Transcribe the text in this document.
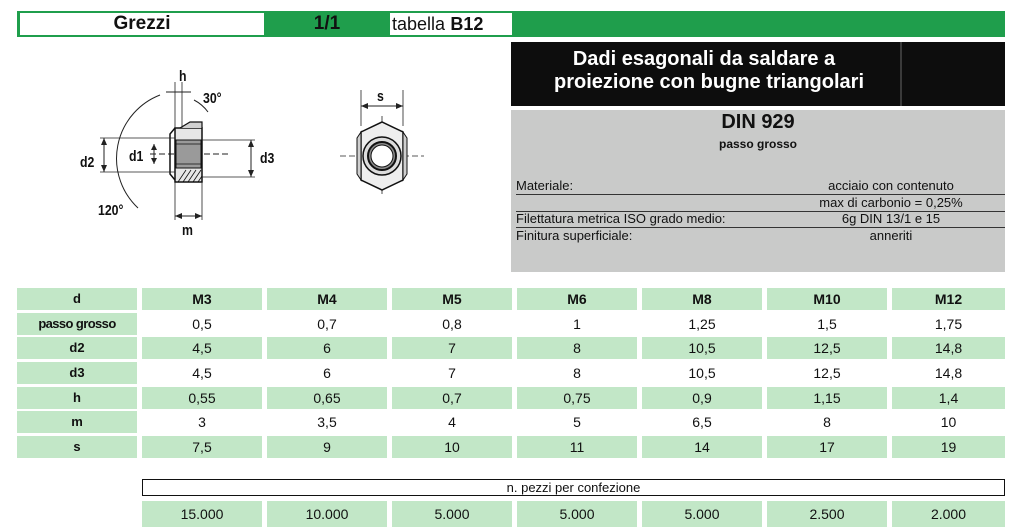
Grezzi	1/1	tabella B12
Dadi esagonali da saldare a
proiezione con bugne triangolari
DIN 929
passo grosso
Materiale:	acciaio con contenuto
max di carbonio = 0,25%
Filettatura metrica ISO grado medio:	6g DIN 13/1 e 15
Finitura superficiale:	anneriti
h
30°
d2 d1	d3
120°
m
s
d	M3	M4	M5	M6	M8	M10	M12
passo grosso	0,5	0,7	0,8	1	1,25	1,5	1,75
d2	4,5	6	7	8	10,5	12,5	14,8
d3	4,5	6	7	8	10,5	12,5	14,8
h	0,55	0,65	0,7	0,75	0,9	1,15	1,4
m	3	3,5	4	5	6,5	8	10
s	7,5	9	10	11	14	17	19
n. pezzi per confezione
15.000	10.000	5.000	5.000	5.000	2.500	2.000
